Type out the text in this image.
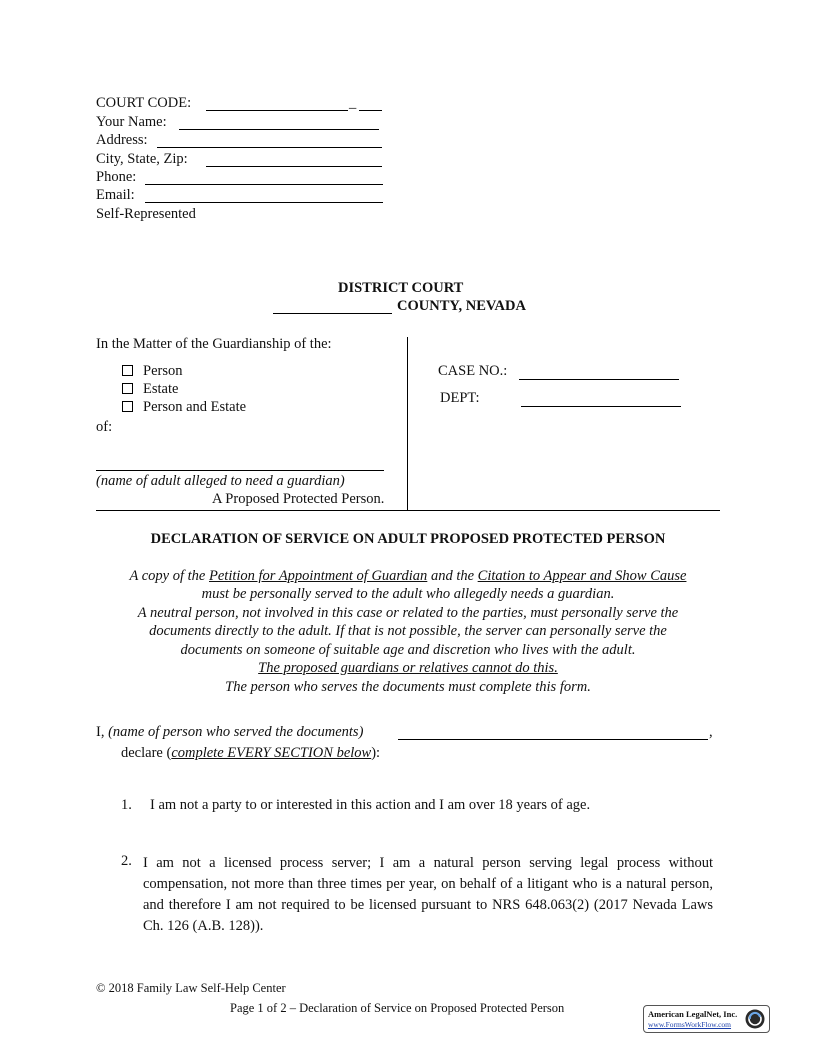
COURT CODE:	_
Your Name:
Address:
City, State, Zip:
Phone:
Email:
Self-Represented
DISTRICT COURT
COUNTY, NEVADA
In the Matter of the Guardianship of the:
Person
Estate
Person and Estate
of:
(name of adult alleged to need a guardian)
A Proposed Protected Person.
CASE NO.:
DEPT:
DECLARATION OF SERVICE ON ADULT PROPOSED PROTECTED PERSON
A copy of the Petition for Appointment of Guardian and the Citation to Appear and Show Cause
must be personally served to the adult who allegedly needs a guardian.
A neutral person, not involved in this case or related to the parties, must personally serve the
documents directly to the adult. If that is not possible, the server can personally serve the
documents on someone of suitable age and discretion who lives with the adult.
The proposed guardians or relatives cannot do this.
The person who serves the documents must complete this form.
I, (name of person who served the documents)	,
declare (complete EVERY SECTION below):
1. I am not a party to or interested in this action and I am over 18 years of age.
2. I am not a licensed process server; I am a natural person serving legal process without compensation, not more than three times per year, on behalf of a litigant who is a natural person, and therefore I am not required to be licensed pursuant to NRS 648.063(2) (2017 Nevada Laws Ch. 126 (A.B. 128)).
© 2018 Family Law Self-Help Center
Page 1 of 2 – Declaration of Service on Proposed Protected Person	American LegalNet, Inc.
www.FormsWorkFlow.com
